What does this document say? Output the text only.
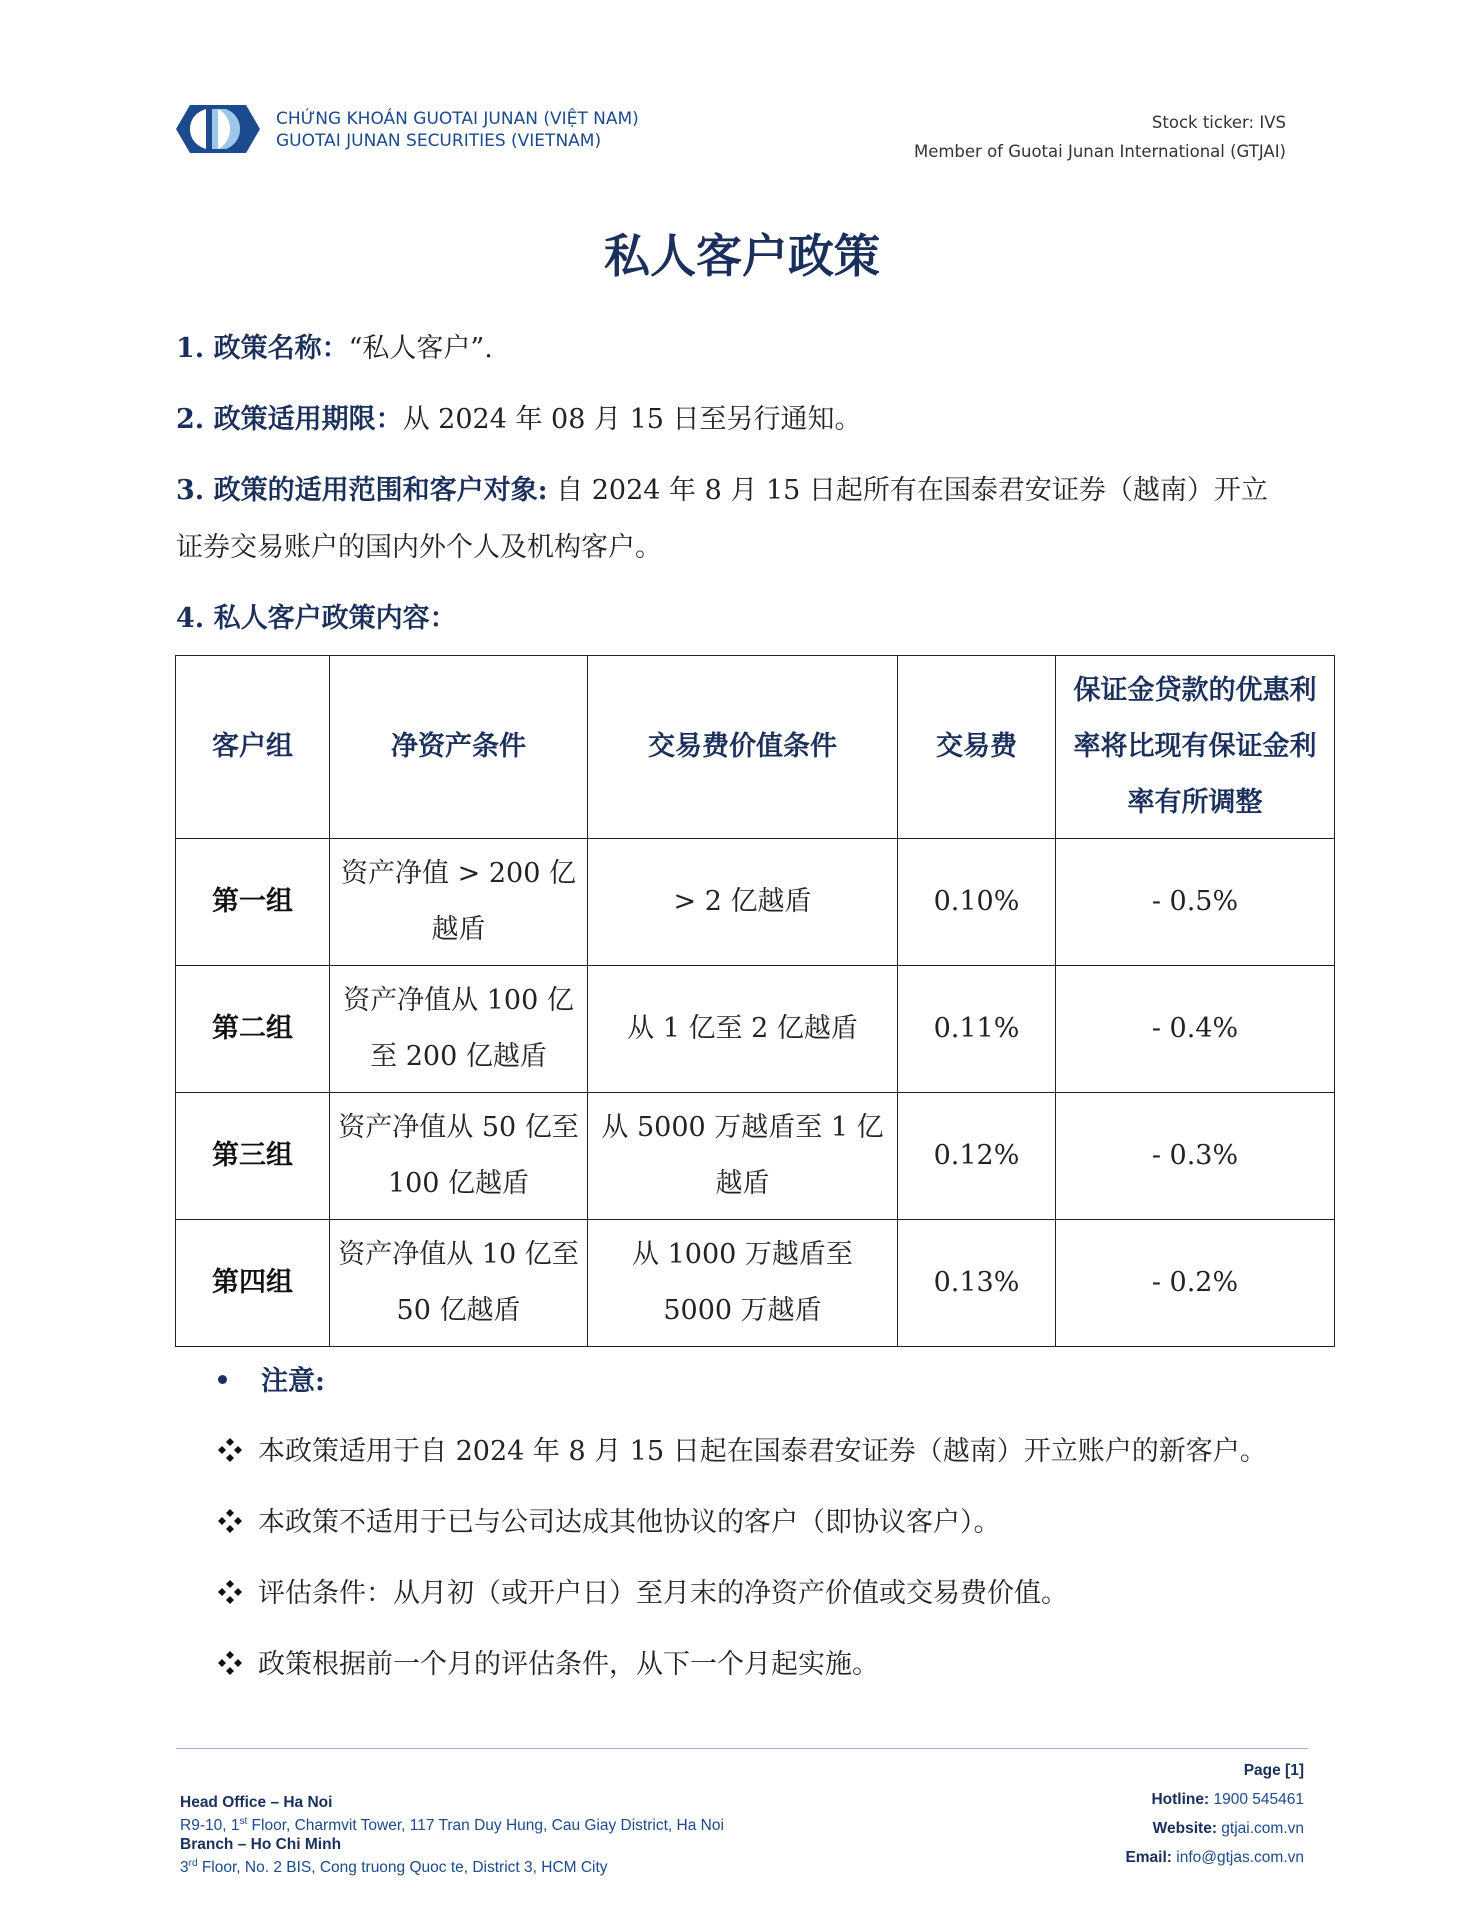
CHỨNG KHOÁN GUOTAI JUNAN (VIỆT NAM)
GUOTAI JUNAN SECURITIES (VIETNAM)
Stock ticker: IVS
Member of Guotai Junan International (GTJAI)
私人客户政策
1. 政策名称：“私人客户”.
2. 政策适用期限：从 2024 年 08 月 15 日至另行通知。
3. 政策的适用范围和客户对象: 自 2024 年 8 月 15 日起所有在国泰君安证券（越南）开立
证券交易账户的国内外个人及机构客户。
4. 私人客户政策内容：
客户组	净资产条件	交易费价值条件	交易费	保证金贷款的优惠利率将比现有保证金利率有所调整
第一组	资产净值 > 200 亿越盾	> 2 亿越盾	0.10%	- 0.5%
第二组	资产净值从 100 亿至 200 亿越盾	从 1 亿至 2 亿越盾	0.11%	- 0.4%
第三组	资产净值从 50 亿至 100 亿越盾	从 5000 万越盾至 1 亿越盾	0.12%	- 0.3%
第四组	资产净值从 10 亿至 50 亿越盾	从 1000 万越盾至 5000 万越盾	0.13%	- 0.2%
注意:
本政策适用于自 2024 年 8 月 15 日起在国泰君安证券（越南）开立账户的新客户。
本政策不适用于已与公司达成其他协议的客户（即协议客户）。
评估条件：从月初（或开户日）至月末的净资产价值或交易费价值。
政策根据前一个月的评估条件，从下一个月起实施。
Head Office – Ha Noi
R9-10, 1st Floor, Charmvit Tower, 117 Tran Duy Hung, Cau Giay District, Ha Noi
Branch – Ho Chi Minh
3rd Floor, No. 2 BIS, Cong truong Quoc te, District 3, HCM City
Page [1]
Hotline: 1900 545461
Website: gtjai.com.vn
Email: info@gtjas.com.vn
